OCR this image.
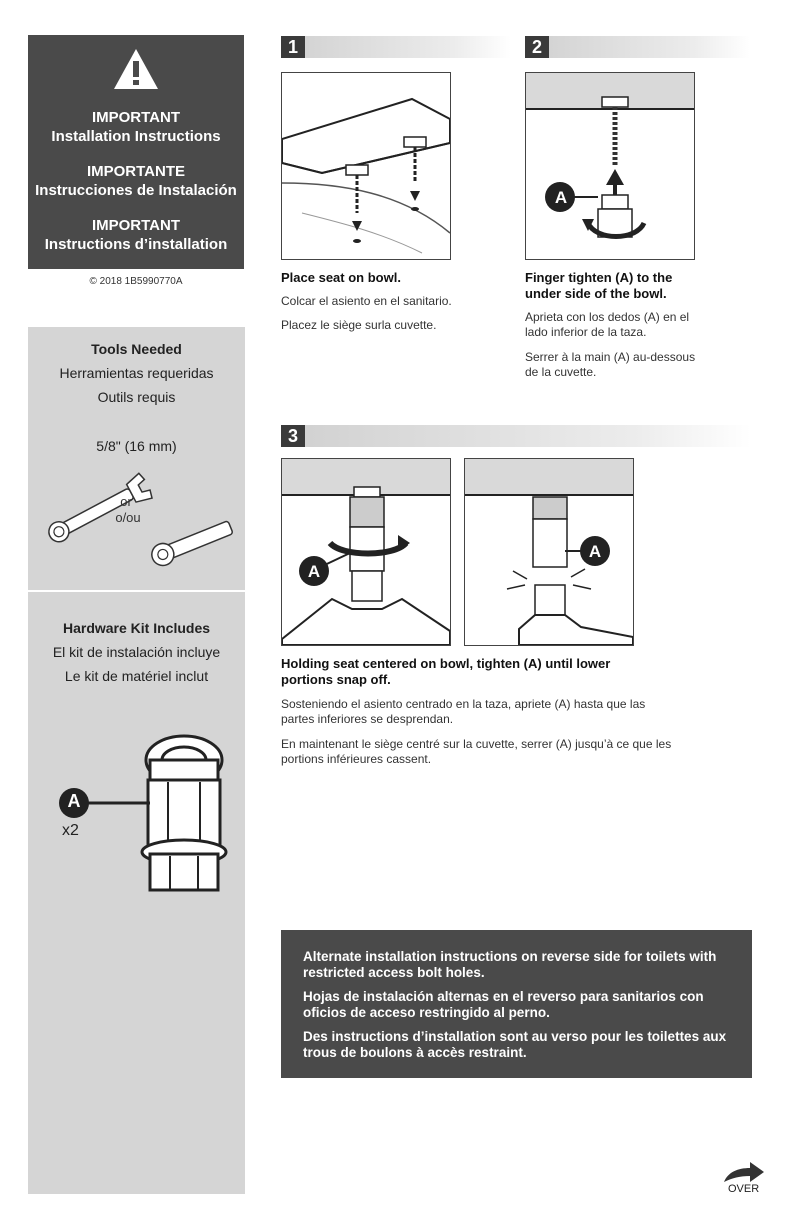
IMPORTANT
Installation Instructions
IMPORTANTE
Instrucciones de Instalación
IMPORTANT
Instructions d’installation
© 2018 1B5990770A
Tools Needed
Herramientas requeridas
Outils requis
5/8" (16 mm)
or
o/ou
Hardware Kit Includes
El kit de instalación incluye
Le kit de matériel inclut
A
x2
1
Place seat on bowl.
Colcar el asiento en el sanitario.
Placez le siège surla cuvette.
2
A
Finger tighten (A) to the
under side of the bowl.
Aprieta con los dedos (A) en el
lado inferior de la taza.
Serrer à la main (A) au-dessous
de la cuvette.
3
A
A
Holding seat centered on bowl, tighten (A) until lower
portions snap off.
Sosteniendo el asiento centrado en la taza, apriete (A) hasta que las
partes inferiores se desprendan.
En maintenant le siège centré sur la cuvette, serrer (A) jusqu’à ce que les
portions inférieures cassent.

Alternate installation instructions on reverse side for toilets with

restricted access bolt holes.

Hojas de instalación alternas en el reverso para sanitarios con

oficios de acceso restringido al perno.

Des instructions d’installation sont au verso pour les toilettes aux

trous de boulons à accès restraint.

OVER
